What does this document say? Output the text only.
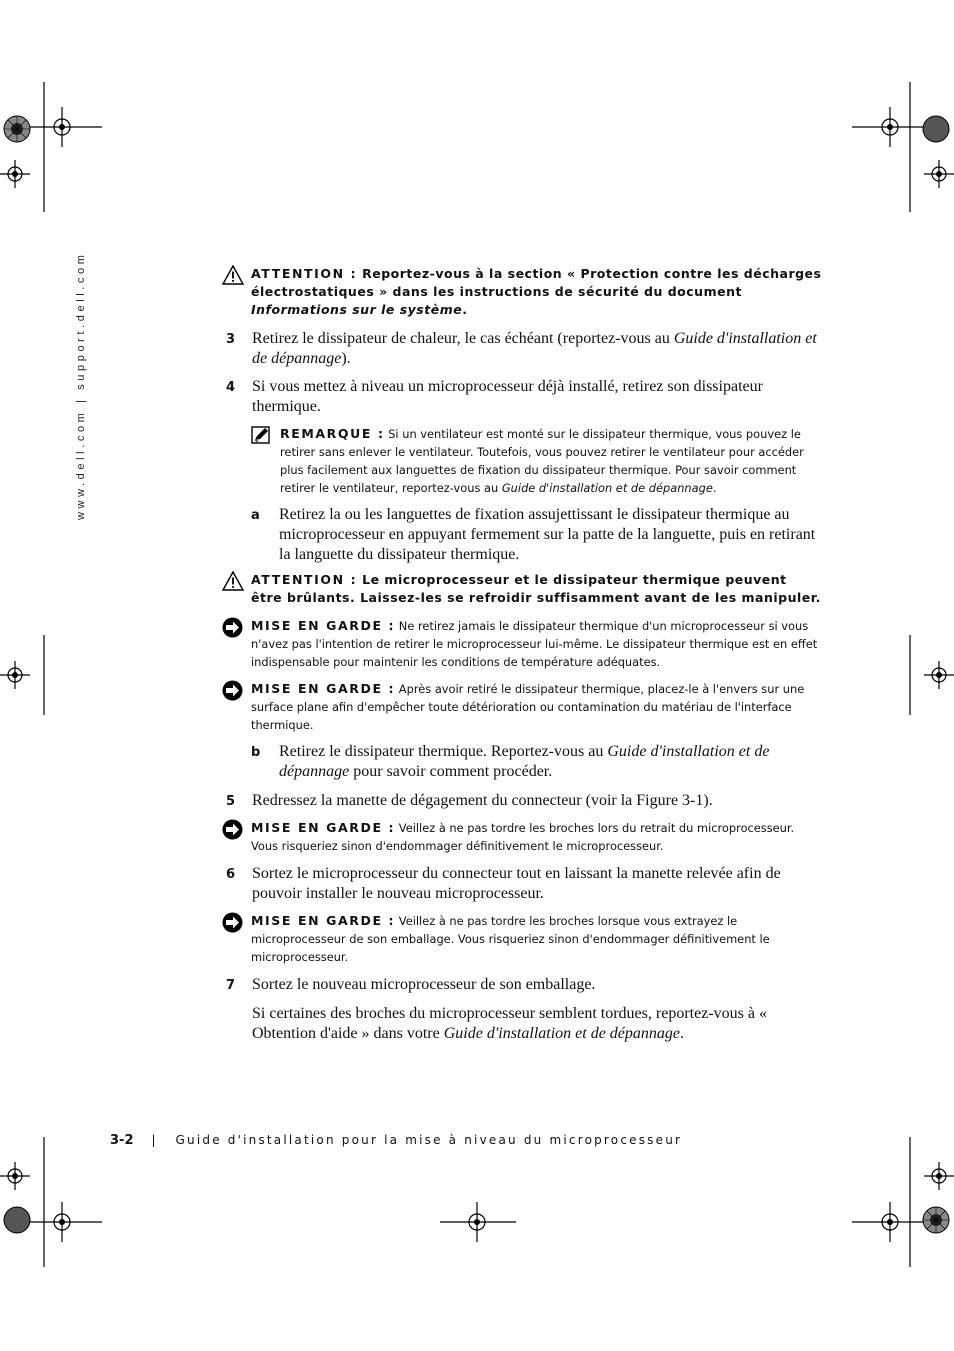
www.dell.com | support.dell.com	ATTENTION : Reportez-vous à la section « Protection contre les décharges électrostatiques » dans les instructions de sécurité du document Informations sur le système.
3 Retirez le dissipateur de chaleur, le cas échéant (reportez-vous au Guide d'installation et de dépannage).
4 Si vous mettez à niveau un microprocesseur déjà installé, retirez son dissipateur thermique.
REMARQUE : Si un ventilateur est monté sur le dissipateur thermique, vous pouvez le retirer sans enlever le ventilateur. Toutefois, vous pouvez retirer le ventilateur pour accéder plus facilement aux languettes de fixation du dissipateur thermique. Pour savoir comment retirer le ventilateur, reportez-vous au Guide d'installation et de dépannage.
a Retirez la ou les languettes de fixation assujettissant le dissipateur thermique au microprocesseur en appuyant fermement sur la patte de la languette, puis en retirant la languette du dissipateur thermique.
ATTENTION : Le microprocesseur et le dissipateur thermique peuvent être brûlants. Laissez-les se refroidir suffisamment avant de les manipuler.
MISE EN GARDE : Ne retirez jamais le dissipateur thermique d'un microprocesseur si vous n'avez pas l'intention de retirer le microprocesseur lui-même. Le dissipateur thermique est en effet indispensable pour maintenir les conditions de température adéquates.
MISE EN GARDE : Après avoir retiré le dissipateur thermique, placez-le à l'envers sur une surface plane afin d'empêcher toute détérioration ou contamination du matériau de l'interface thermique.
b Retirez le dissipateur thermique. Reportez-vous au Guide d'installation et de dépannage pour savoir comment procéder.
5 Redressez la manette de dégagement du connecteur (voir la Figure 3-1).
MISE EN GARDE : Veillez à ne pas tordre les broches lors du retrait du microprocesseur. Vous risqueriez sinon d'endommager définitivement le microprocesseur.
6 Sortez le microprocesseur du connecteur tout en laissant la manette relevée afin de pouvoir installer le nouveau microprocesseur.
MISE EN GARDE : Veillez à ne pas tordre les broches lorsque vous extrayez le microprocesseur de son emballage. Vous risqueriez sinon d'endommager définitivement le microprocesseur.
7 Sortez le nouveau microprocesseur de son emballage.
Si certaines des broches du microprocesseur semblent tordues, reportez-vous à « Obtention d'aide » dans votre Guide d'installation et de dépannage.
3-2 | Guide d'installation pour la mise à niveau du microprocesseur
